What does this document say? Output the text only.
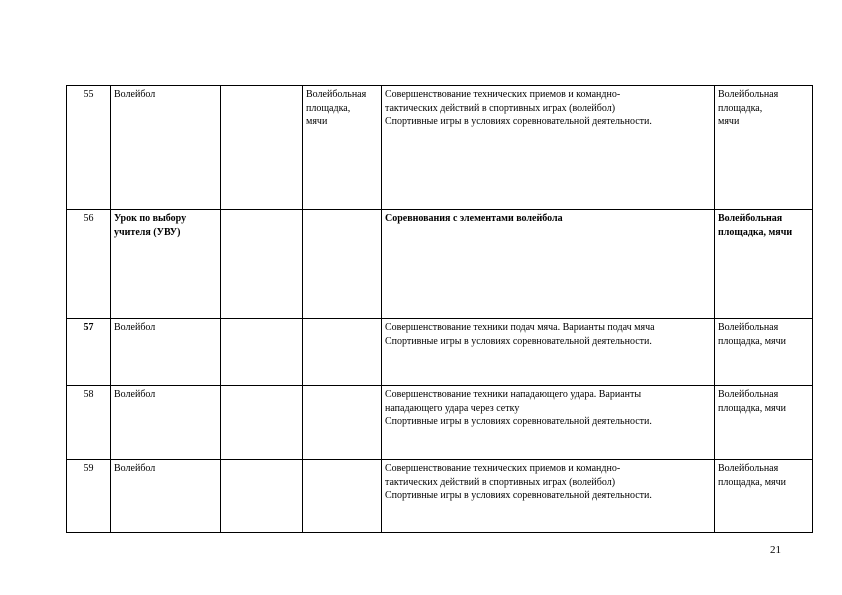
55	Волейбол		Волейбольная
площадка,
мячи	Совершенствование технических приемов и командно-
тактических действий в спортивных играх (волейбол)
Спортивные игры в условиях соревновательной деятельности.	Волейбольная
площадка,
мячи

56	Урок по выбору учителя (УВУ)			Соревнования с элементами волейбола	Волейбольная
площадка, мячи

57	Волейбол			Совершенствование техники подач мяча. Варианты подач мяча
Спортивные игры в условиях соревновательной деятельности.	Волейбольная
площадка, мячи

58	Волейбол			Совершенствование техники нападающего удара. Варианты
нападающего удара через сетку
Спортивные игры в условиях соревновательной деятельности.	Волейбольная
площадка, мячи

59	Волейбол			Совершенствование технических приемов и командно-
тактических действий в спортивных играх (волейбол)
Спортивные игры в условиях соревновательной деятельности.	Волейбольная
площадка, мячи
21
